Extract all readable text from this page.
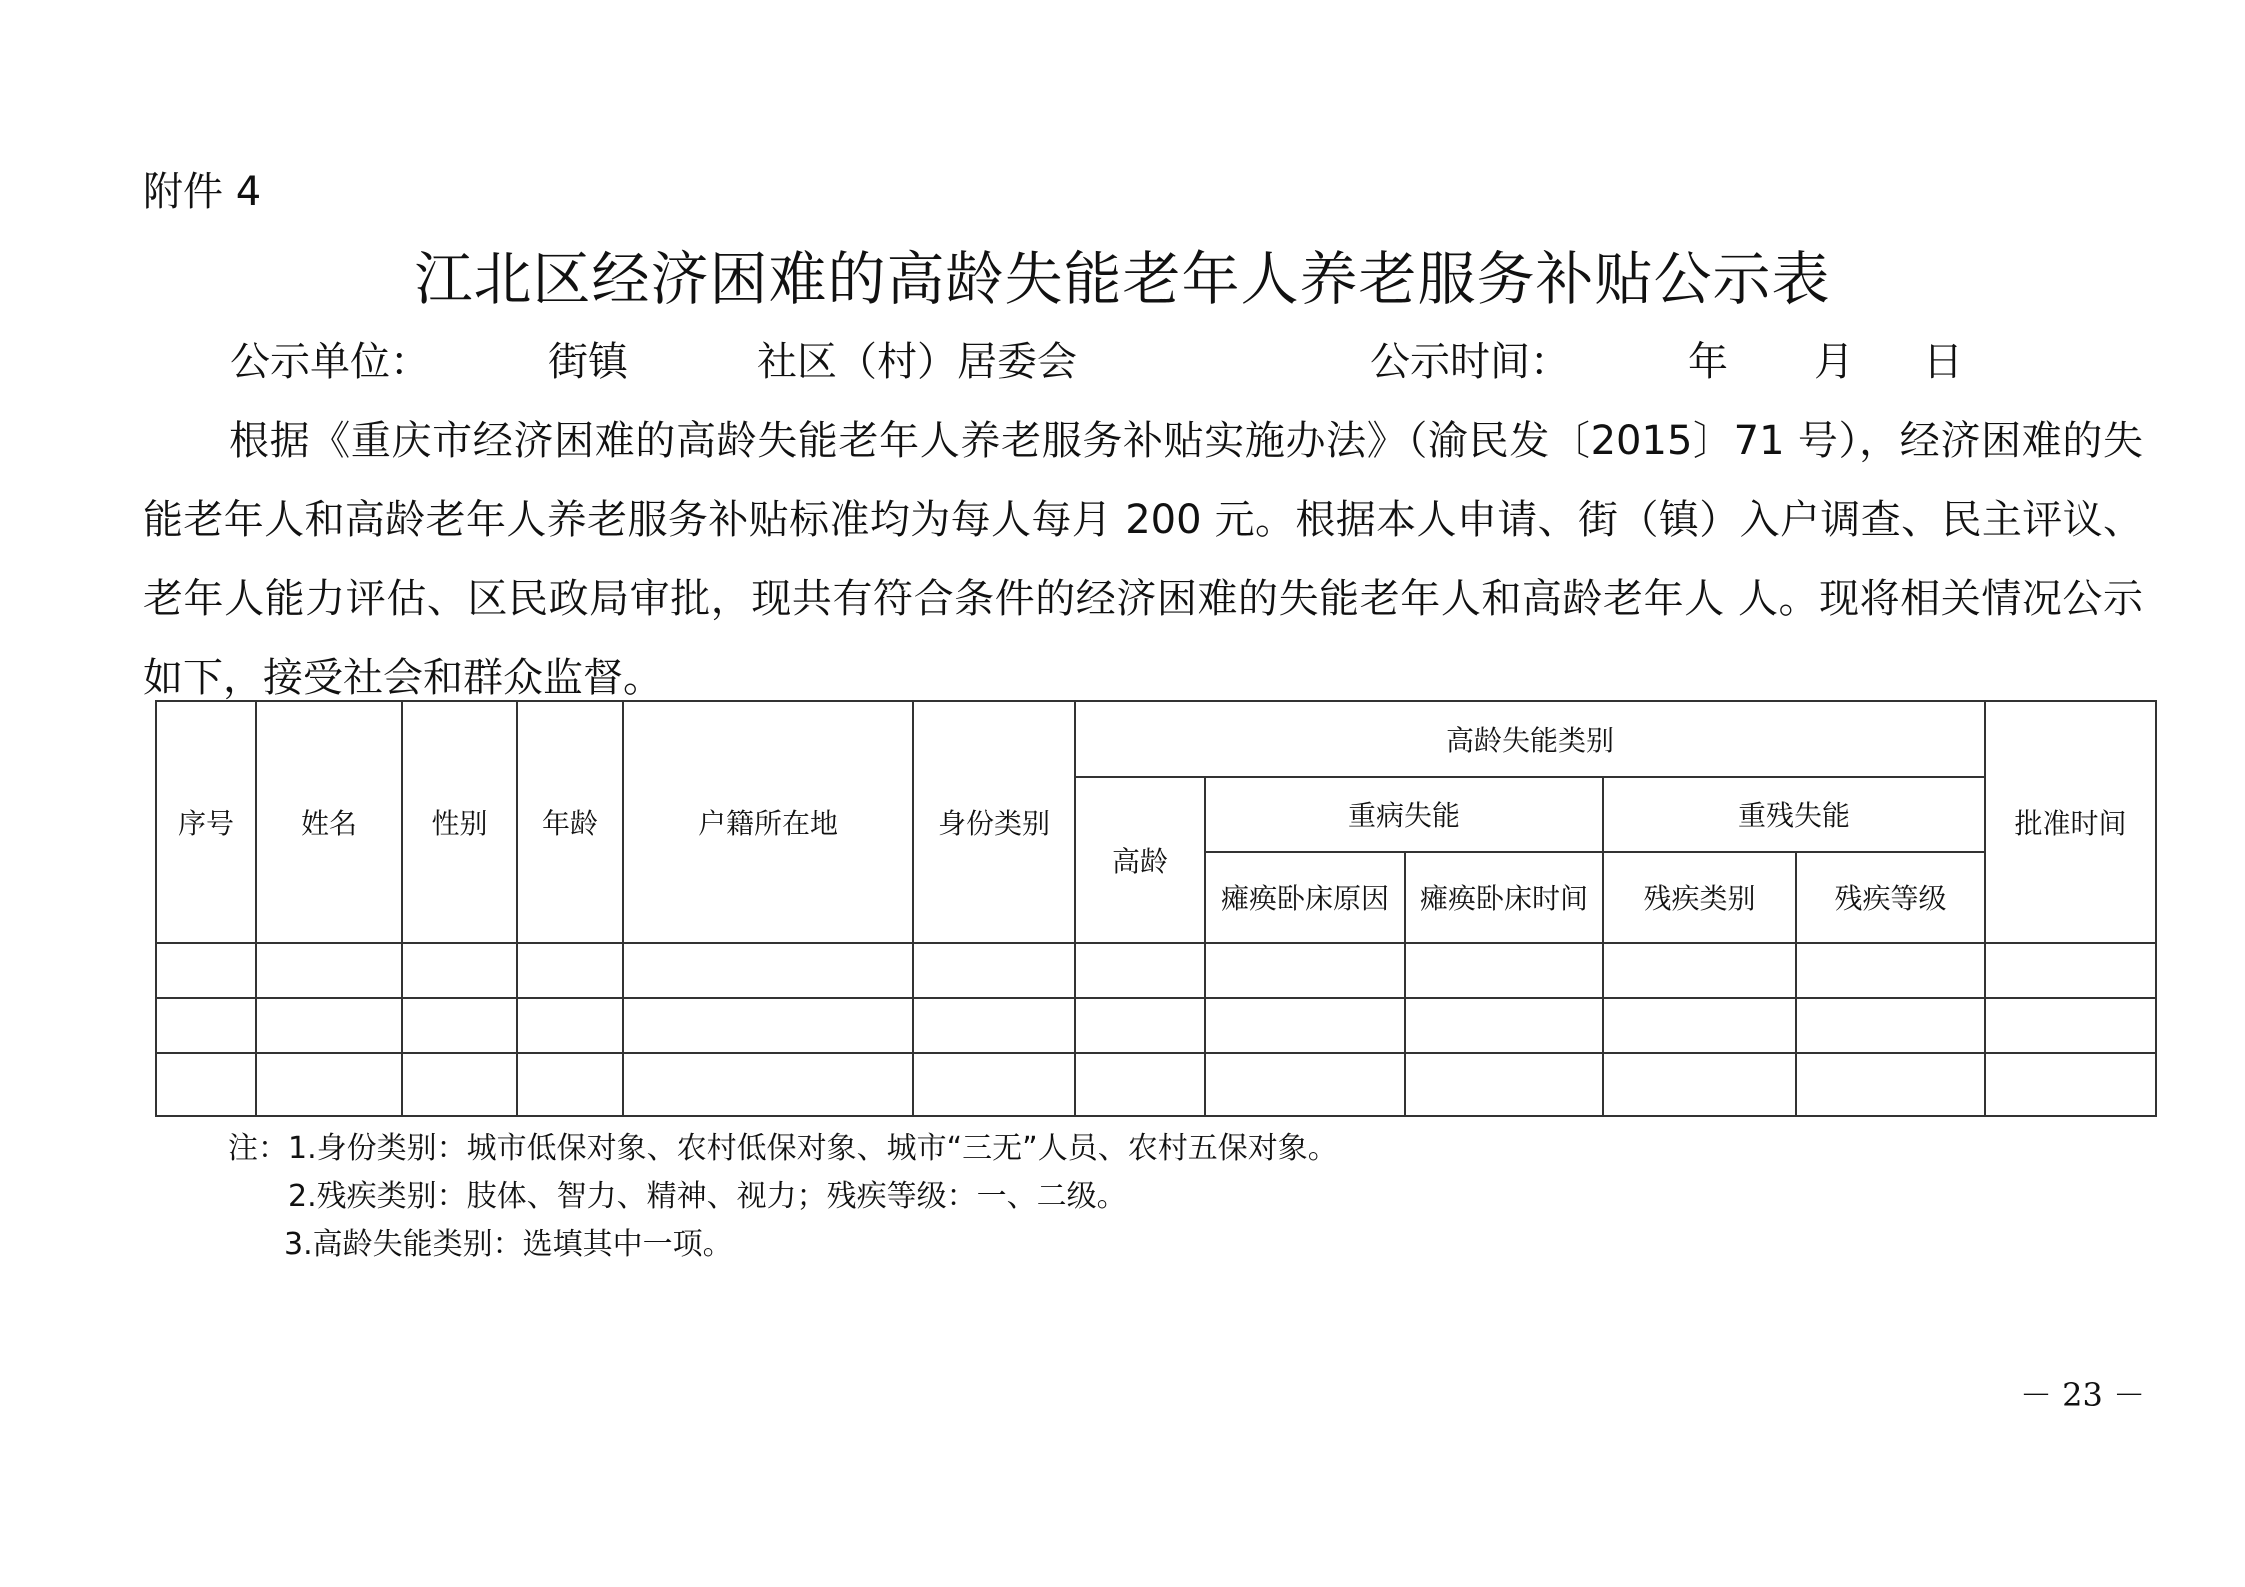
附件 4
江北区经济困难的高龄失能老年人养老服务补贴公示表
公示单位：	街镇	社区（村）居委会	公示时间：	年 月 日
根据《重庆市经济困难的高龄失能老年人养老服务补贴实施办法》（渝民发〔2015〕71 号），经济困难的失能老年人和高龄老年人养老服务补贴标准均为每人每月 200 元。根据本人申请、街（镇）入户调查、民主评议、老年人能力评估、区民政局审批，现共有符合条件的经济困难的失能老年人和高龄老年人 人。现将相关情况公示如下，接受社会和群众监督。
序号	姓名	性别	年龄	户籍所在地	身份类别	高龄失能类别					批准时间
						高龄	重病失能		重残失能		
							瘫痪卧床原因	瘫痪卧床时间	残疾类别	残疾等级	

注：1.身份类别：城市低保对象、农村低保对象、城市“三无”人员、农村五保对象。
2.残疾类别：肢体、智力、精神、视力；残疾等级：一、二级。
3.高龄失能类别：选填其中一项。
－ 23 －
